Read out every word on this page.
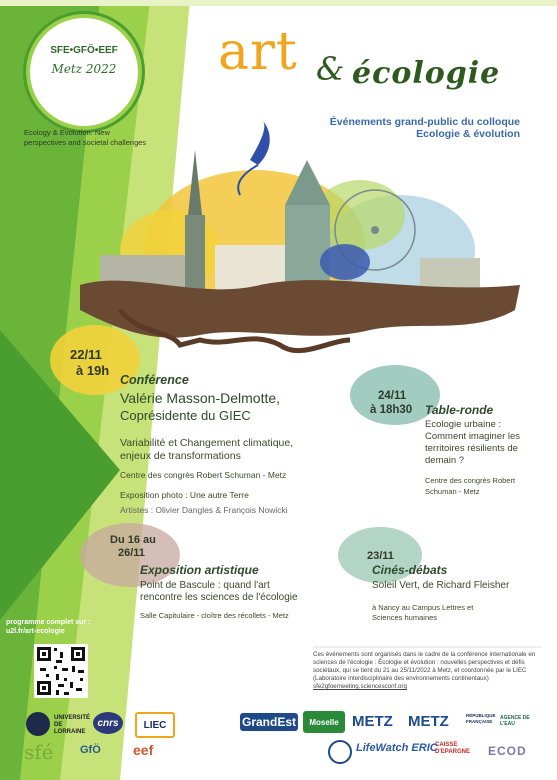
SFE•GFÖ•EEF
Metz 2022
Ecology & Evolution: New perspectives and societal challenges
art & écologie
Événements grand-public du colloque
Ecologie & évolution
22/11
à 19h
Conférence
Valérie Masson-Delmotte,
Coprésidente du GIEC
Variabilité et Changement climatique,
enjeux de transformations
Centre des congrès Robert Schuman - Metz
Exposition photo : Une autre Terre
Artistes : Olivier Dangles & François Nowicki
24/11
à 18h30 Table-ronde
Ecologie urbaine :
Comment imaginer les
territoires résilients de
demain ?
Centre des congrès Robert
Schuman - Metz
Du 16 au
26/11
Exposition artistique
Point de Bascule : quand l'art
rencontre les sciences de l'écologie
Salle Capitulaire - cloître des récollets - Metz
23/11
Cinés-débats
Soleil Vert, de Richard Fleisher
à Nancy au Campus Lettres et
Sciences humaines
programme complet sur :
u2l.fr/art-ecologie
Ces événements sont organisés dans le cadre de la conférence internationale en sciences de l'écologie : Écologie et évolution : nouvelles perspectives et défis sociétaux, qui se tient du 21 au 25/11/2022 à Metz, et coordonnée par le LIEC (Laboratoire interdisciplinaire des environnements continentaux)
sfe2gfoemeeting.sciencesconf.org
UNIVERSITÉ DE LORRAINE
cnrs	LIEC
sfé GfÖ eef
GrandEst	Moselle METZ METZ	RÉPUBLIQUE FRANÇAISE
AGENCE DE L'EAU
LifeWatch ERIC
CAISSE D'EPARGNE	ECOD
